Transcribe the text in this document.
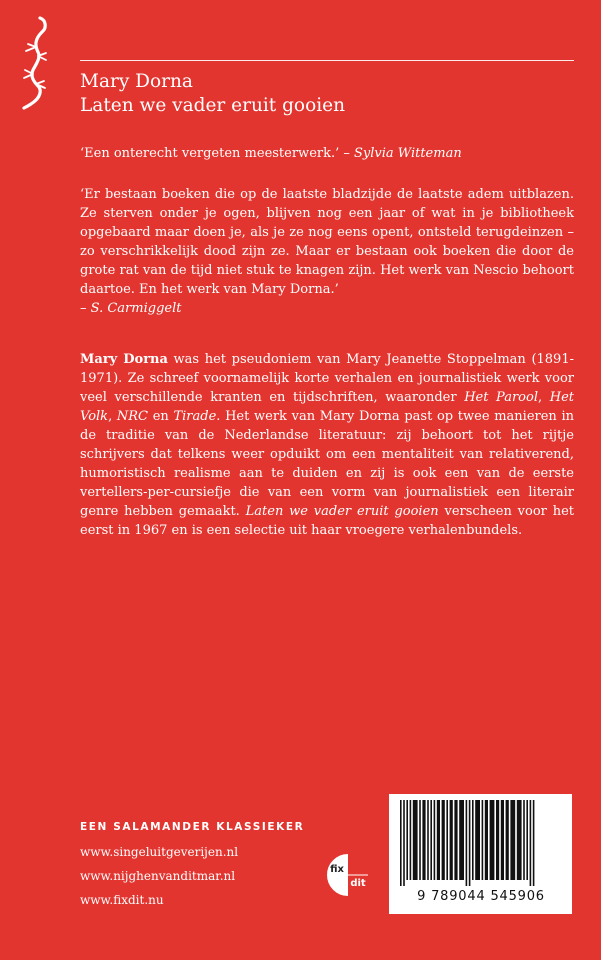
Mary Dorna
Laten we vader eruit gooien
‘Een onterecht vergeten meesterwerk.’ – Sylvia Witteman
‘Er bestaan boeken die op de laatste bladzijde de laatste adem uitblazen. Ze sterven onder je ogen, blijven nog een jaar of wat in je bibliotheek opgebaard maar doen je, als je ze nog eens opent, ontsteld terugdeinzen – zo verschrikkelijk dood zijn ze. Maar er bestaan ook boeken die door de grote rat van de tijd niet stuk te knagen zijn. Het werk van Nescio behoort daartoe. En het werk van Mary Dorna.’
– S. Carmiggelt
Mary Dorna was het pseudoniem van Mary Jeanette Stoppelman (1891-1971). Ze schreef voornamelijk korte verhalen en journalistiek werk voor veel verschillende kranten en tijdschriften, waaronder Het Parool, Het Volk, NRC en Tirade. Het werk van Mary Dorna past op twee manieren in de traditie van de Nederlandse literatuur: zij behoort tot het rijtje schrijvers dat telkens weer opduikt om een mentaliteit van relativerend, humoristisch realisme aan te duiden en zij is ook een van de eerste vertellers-per-cursiefje die van een vorm van journalistiek een literair genre hebben gemaakt. Laten we vader eruit gooien verscheen voor het eerst in 1967 en is een selectie uit haar vroegere verhalenbundels.
EEN SALAMANDER KLASSIEKER
www.singeluitgeverijen.nl
www.nijghenvanditmar.nl
www.fixdit.nu
fix
dit
9 789044 545906
